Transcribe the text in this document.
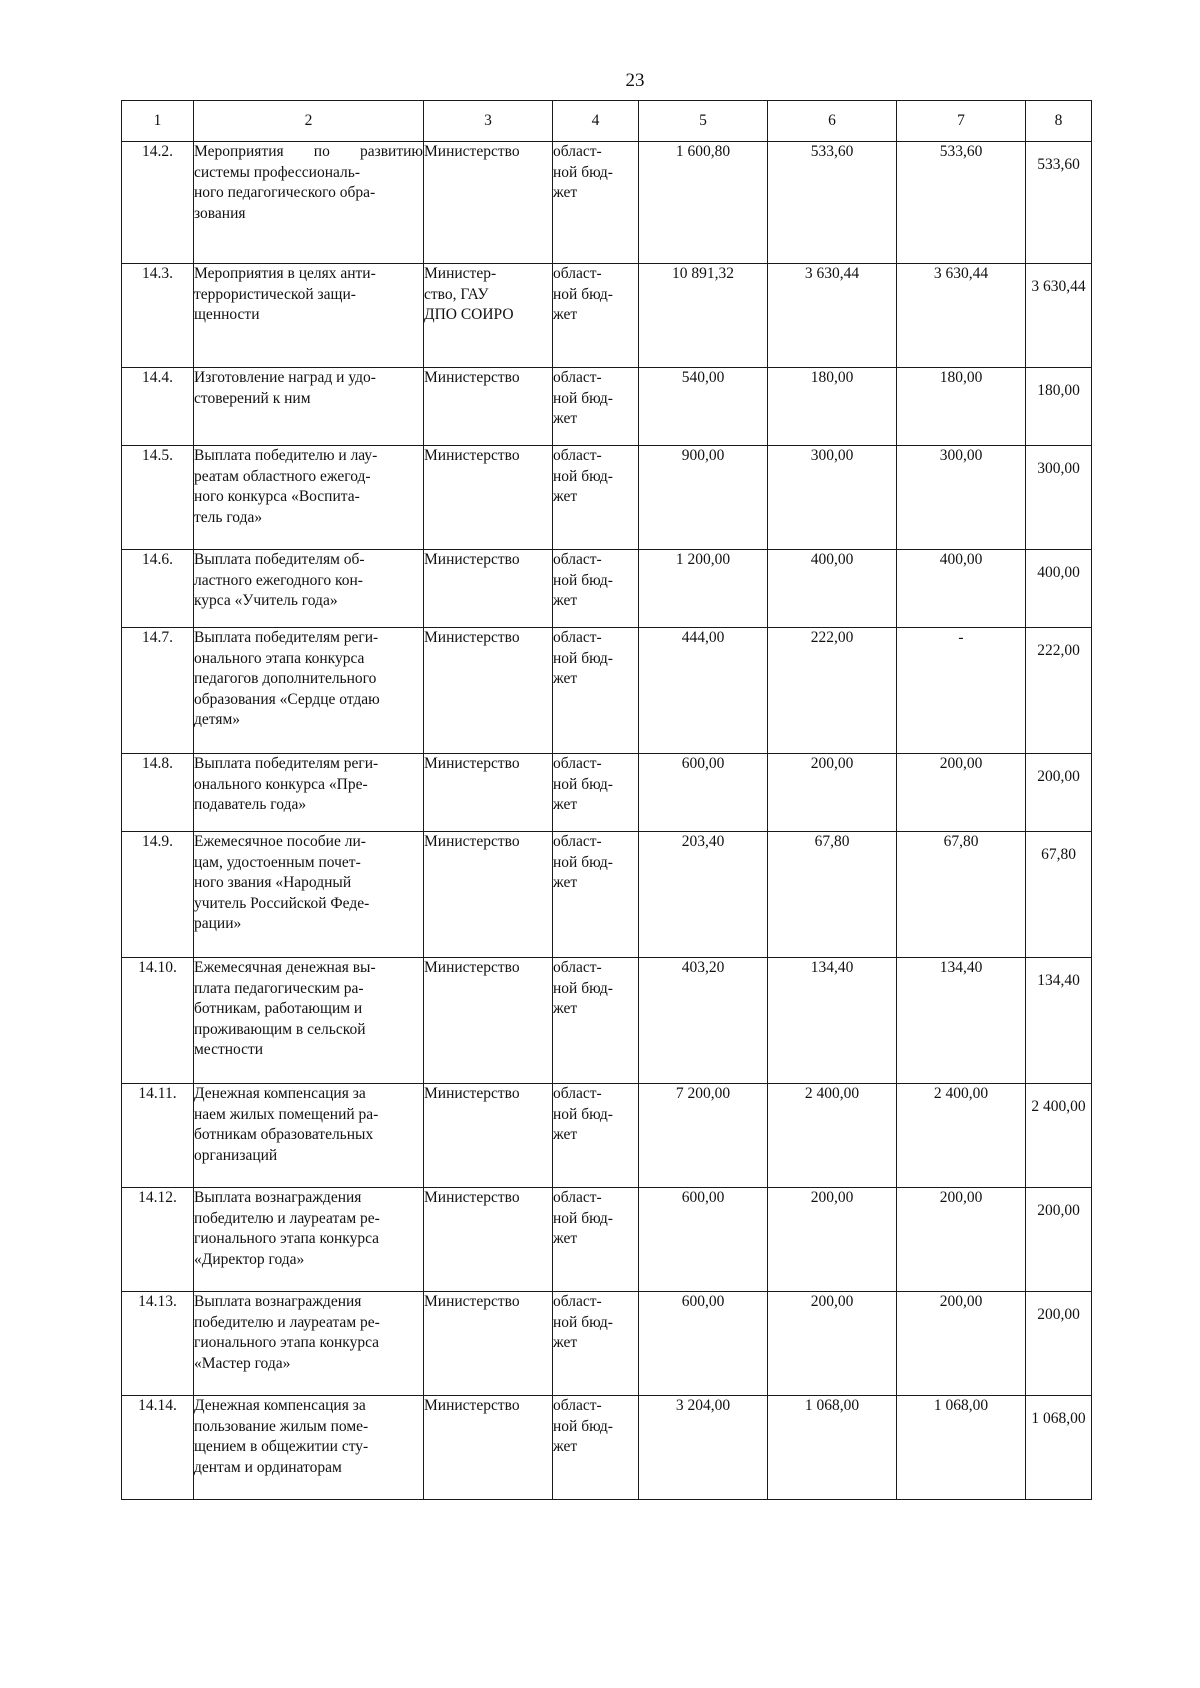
23
1	2	3	4	5	6	7	8
14.2.	Мероприятия по развитию системы профессиональ-
ного педагогического обра-
зования	Министерство	област-
ной бюд-
жет	1 600,80	533,60	533,60	533,60
14.3.	Мероприятия в целях анти-
террористической защи-
щенности	Министер-
ство, ГАУ
ДПО СОИРО	област-
ной бюд-
жет	10 891,32	3 630,44	3 630,44	3 630,44
14.4.	Изготовление наград и удо-
стоверений к ним	Министерство	област-
ной бюд-
жет	540,00	180,00	180,00	180,00
14.5.	Выплата победителю и лау-
реатам областного ежегод-
ного конкурса «Воспита-
тель года»	Министерство	област-
ной бюд-
жет	900,00	300,00	300,00	300,00
14.6.	Выплата победителям об-
ластного ежегодного кон-
курса «Учитель года»	Министерство	област-
ной бюд-
жет	1 200,00	400,00	400,00	400,00
14.7.	Выплата победителям реги-
онального этапа конкурса
педагогов дополнительного
образования «Сердце отдаю
детям»	Министерство	област-
ной бюд-
жет	444,00	222,00	-	222,00
14.8.	Выплата победителям реги-
онального конкурса «Пре-
подаватель года»	Министерство	област-
ной бюд-
жет	600,00	200,00	200,00	200,00
14.9.	Ежемесячное пособие ли-
цам, удостоенным почет-
ного звания «Народный
учитель Российской Феде-
рации»	Министерство	област-
ной бюд-
жет	203,40	67,80	67,80	67,80
14.10.	Ежемесячная денежная вы-
плата педагогическим ра-
ботникам, работающим и
проживающим в сельской
местности	Министерство	област-
ной бюд-
жет	403,20	134,40	134,40	134,40
14.11.	Денежная компенсация за
наем жилых помещений ра-
ботникам образовательных
организаций	Министерство	област-
ной бюд-
жет	7 200,00	2 400,00	2 400,00	2 400,00
14.12.	Выплата вознаграждения
победителю и лауреатам ре-
гионального этапа конкурса
«Директор года»	Министерство	област-
ной бюд-
жет	600,00	200,00	200,00	200,00
14.13.	Выплата вознаграждения
победителю и лауреатам ре-
гионального этапа конкурса
«Мастер года»	Министерство	област-
ной бюд-
жет	600,00	200,00	200,00	200,00
14.14.	Денежная компенсация за
пользование жилым поме-
щением в общежитии сту-
дентам и ординаторам	Министерство	област-
ной бюд-
жет	3 204,00	1 068,00	1 068,00	1 068,00
